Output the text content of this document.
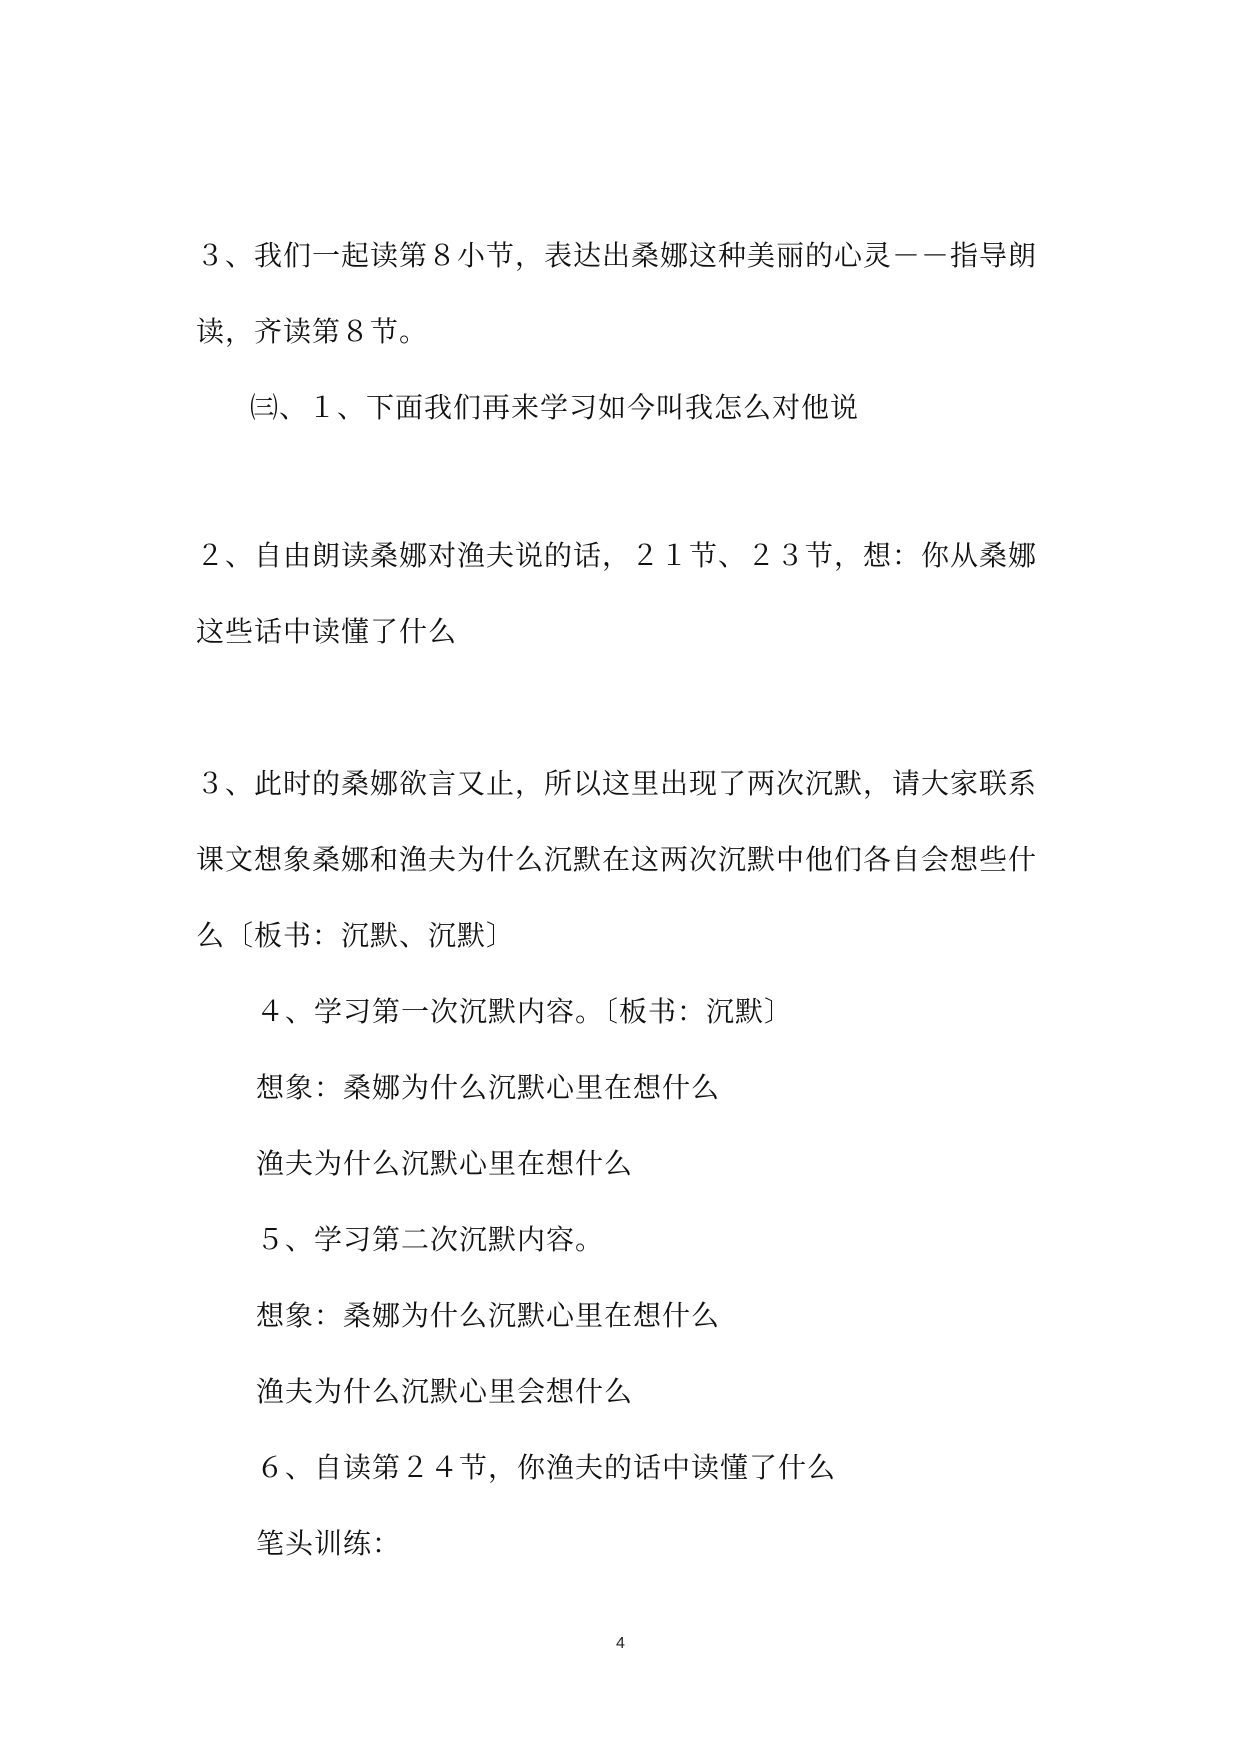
３、我们一起读第８小节，表达出桑娜这种美丽的心灵－－指导朗
读，齐读第８节。
㈢、１、下面我们再来学习如今叫我怎么对他说
２、自由朗读桑娜对渔夫说的话，２１节、２３节，想：你从桑娜
这些话中读懂了什么
３、此时的桑娜欲言又止，所以这里出现了两次沉默，请大家联系
课文想象桑娜和渔夫为什么沉默在这两次沉默中他们各自会想些什
么〔板书：沉默、沉默〕
４、学习第一次沉默内容。〔板书：沉默〕
想象：桑娜为什么沉默心里在想什么
渔夫为什么沉默心里在想什么
５、学习第二次沉默内容。
想象：桑娜为什么沉默心里在想什么
渔夫为什么沉默心里会想什么
６、自读第２４节，你渔夫的话中读懂了什么
笔头训练：
4
